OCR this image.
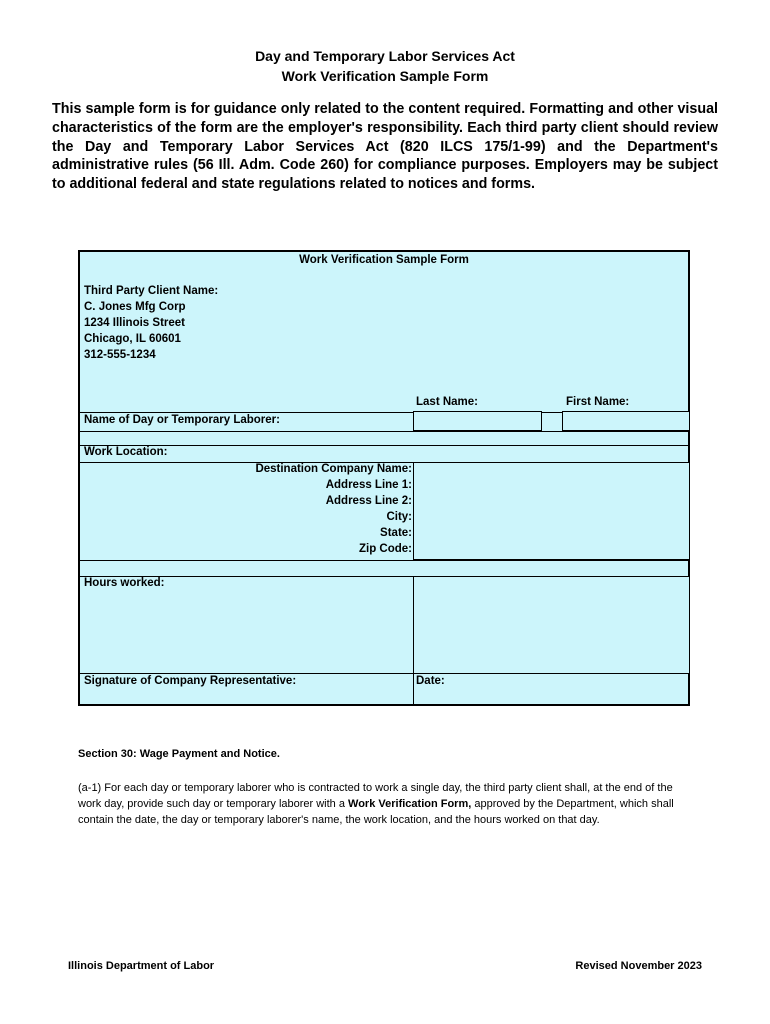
Day and Temporary Labor Services Act
Work Verification Sample Form
This sample form is for guidance only related to the content required. Formatting and other visual characteristics of the form are the employer's responsibility. Each third party client should review the Day and Temporary Labor Services Act (820 ILCS 175/1-99) and the Department's administrative rules (56 Ill. Adm. Code 260) for compliance purposes. Employers may be subject to additional federal and state regulations related to notices and forms.
Work Verification Sample Form
Third Party Client Name:
C. Jones Mfg Corp
1234 Illinois Street
Chicago, IL 60601
312-555-1234
Last Name:	First Name:
Name of Day or Temporary Laborer:
Work Location:
Destination Company Name:
Address Line 1:
Address Line 2:
City:
State:
Zip Code:
Hours worked:
Signature of Company Representative:	Date:
Section 30: Wage Payment and Notice.
(a-1) For each day or temporary laborer who is contracted to work a single day, the third party client shall, at the end of the work day, provide such day or temporary laborer with a Work Verification Form, approved by the Department, which shall contain the date, the day or temporary laborer's name, the work location, and the hours worked on that day.
Illinois Department of Labor	Revised November 2023
